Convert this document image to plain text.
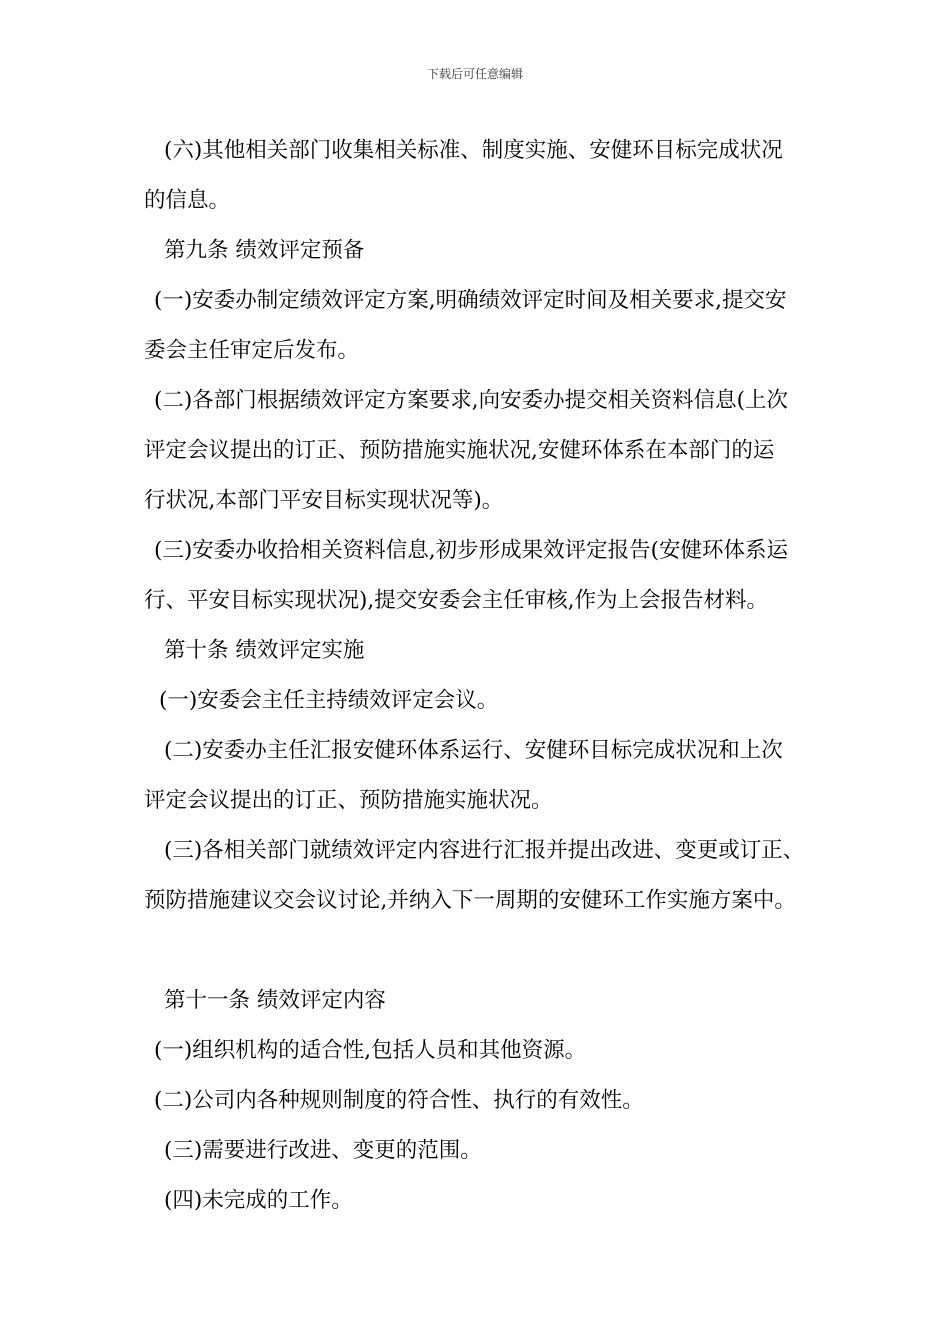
下载后可任意编辑
(六)其他相关部门收集相关标准、制度实施、安健环目标完成状况
的信息。
第九条 绩效评定预备
(一)安委办制定绩效评定方案,明确绩效评定时间及相关要求,提交安
委会主任审定后发布。
(二)各部门根据绩效评定方案要求,向安委办提交相关资料信息(上次
评定会议提出的订正、预防措施实施状况,安健环体系在本部门的运
行状况,本部门平安目标实现状况等)。
(三)安委办收拾相关资料信息,初步形成果效评定报告(安健环体系运
行、平安目标实现状况),提交安委会主任审核,作为上会报告材料。
第十条 绩效评定实施
(一)安委会主任主持绩效评定会议。
(二)安委办主任汇报安健环体系运行、安健环目标完成状况和上次
评定会议提出的订正、预防措施实施状况。
(三)各相关部门就绩效评定内容进行汇报并提出改进、变更或订正、
预防措施建议交会议讨论,并纳入下一周期的安健环工作实施方案中。
第十一条 绩效评定内容
(一)组织机构的适合性,包括人员和其他资源。
(二)公司内各种规则制度的符合性、执行的有效性。
(三)需要进行改进、变更的范围。
(四)未完成的工作。
